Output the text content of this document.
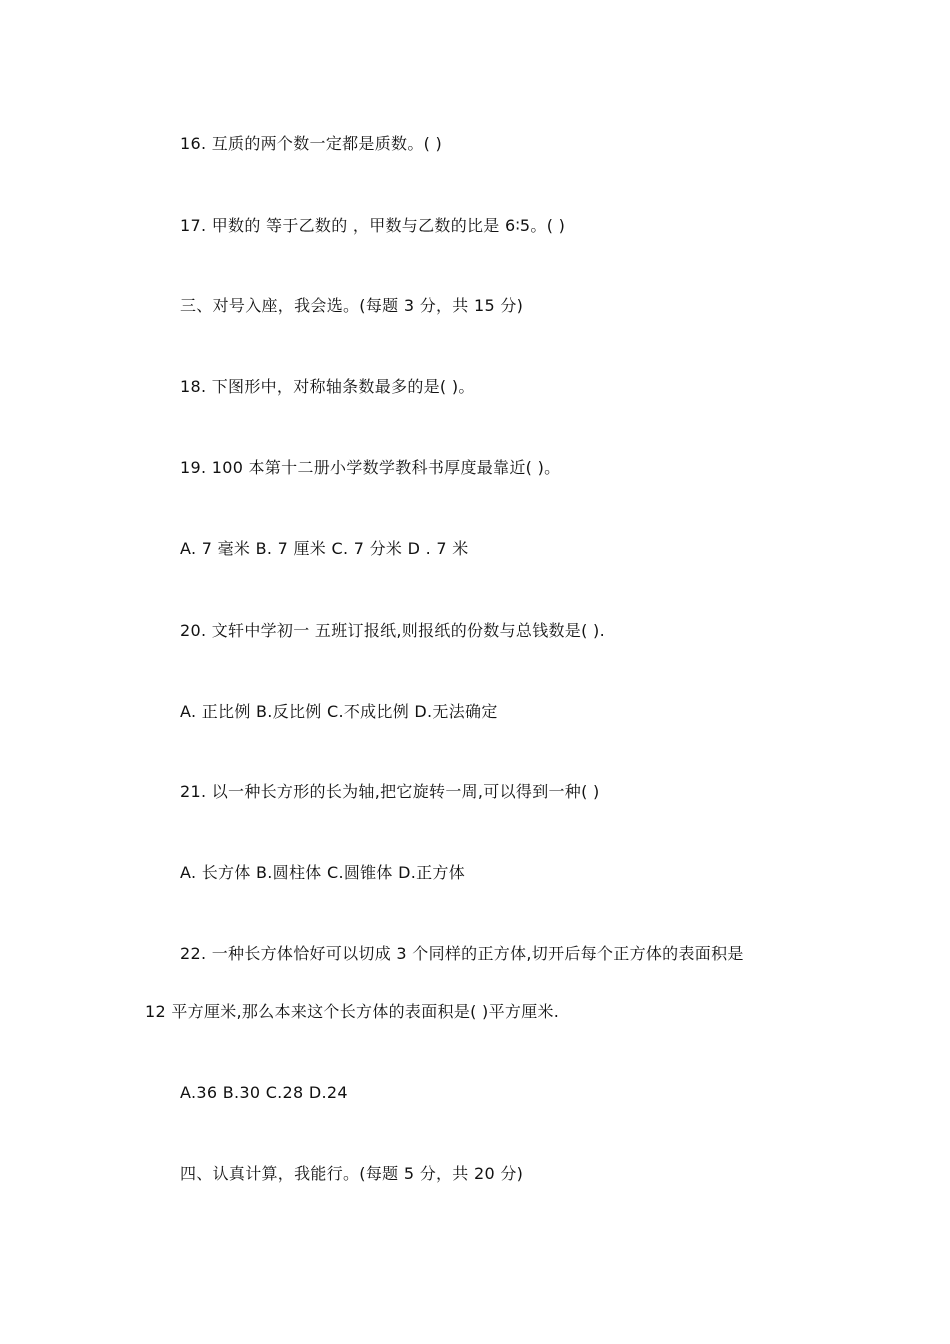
16. 互质的两个数一定都是质数。( )
17. 甲数的 等于乙数的 ，甲数与乙数的比是 6∶5。( )
三、对号入座，我会选。(每题 3 分，共 15 分)
18. 下图形中，对称轴条数最多的是( )。
19. 100 本第十二册小学数学教科书厚度最靠近( )。
A. 7 毫米 B. 7 厘米 C. 7 分米 D . 7 米
20. 文轩中学初一 五班订报纸,则报纸的份数与总钱数是( ).
A. 正比例 B.反比例 C.不成比例 D.无法确定
21. 以一种长方形的长为轴,把它旋转一周,可以得到一种( )
A. 长方体 B.圆柱体 C.圆锥体 D.正方体
22. 一种长方体恰好可以切成 3 个同样的正方体,切开后每个正方体的表面积是
12 平方厘米,那么本来这个长方体的表面积是( )平方厘米.
A.36 B.30 C.28 D.24
四、认真计算，我能行。(每题 5 分，共 20 分)
